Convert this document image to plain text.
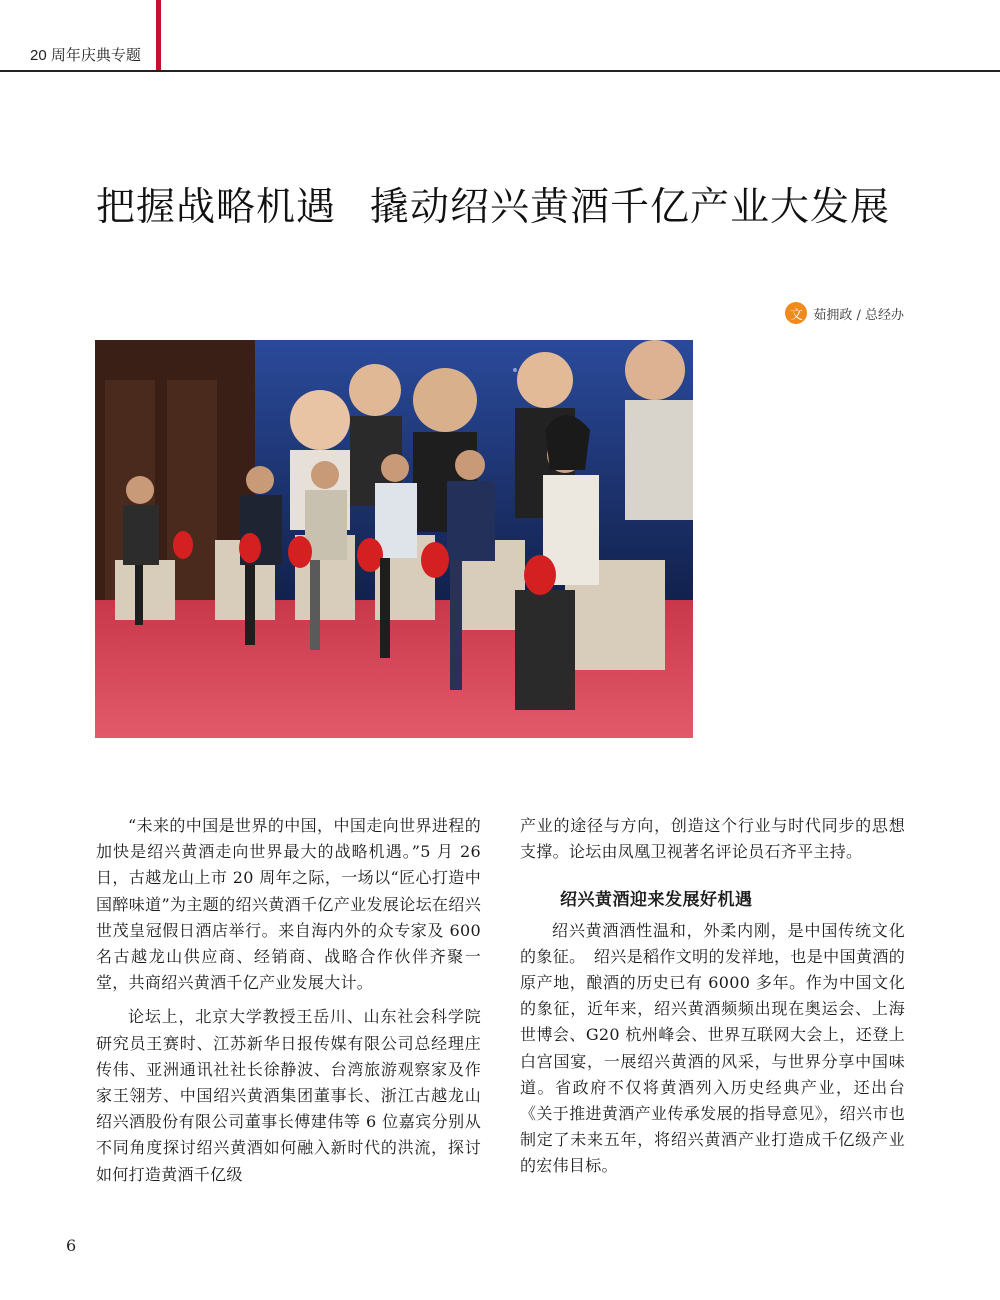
20 周年庆典专题
把握战略机遇 撬动绍兴黄酒千亿产业大发展
文 茹拥政 / 总经办

“未来的中国是世界的中国，中国走向世界进程的加快是绍兴黄酒走向世界最大的战略机遇。”5 月 26 日，古越龙山上市 20 周年之际，一场以“匠心打造中国醉味道”为主题的绍兴黄酒千亿产业发展论坛在绍兴世茂皇冠假日酒店举行。来自海内外的众专家及 600 名古越龙山供应商、经销商、战略合作伙伴齐聚一堂，共商绍兴黄酒千亿产业发展大计。

论坛上，北京大学教授王岳川、山东社会科学院研究员王赛时、江苏新华日报传媒有限公司总经理庄传伟、亚洲通讯社社长徐静波、台湾旅游观察家及作家王翎芳、中国绍兴黄酒集团董事长、浙江古越龙山绍兴酒股份有限公司董事长傅建伟等 6 位嘉宾分别从不同角度探讨绍兴黄酒如何融入新时代的洪流，探讨如何打造黄酒千亿级

产业的途径与方向，创造这个行业与时代同步的思想支撑。论坛由凤凰卫视著名评论员石齐平主持。

绍兴黄酒迎来发展好机遇

绍兴黄酒酒性温和，外柔内刚，是中国传统文化的象征。　绍兴是稻作文明的发祥地，也是中国黄酒的原产地，酿酒的历史已有 6000 多年。作为中国文化的象征，近年来，绍兴黄酒频频出现在奥运会、上海世博会、G20 杭州峰会、世界互联网大会上，还登上白宫国宴，一展绍兴黄酒的风采，与世界分享中国味道。省政府不仅将黄酒列入历史经典产业，还出台《关于推进黄酒产业传承发展的指导意见》，绍兴市也制定了未来五年，将绍兴黄酒产业打造成千亿级产业的宏伟目标。

6
